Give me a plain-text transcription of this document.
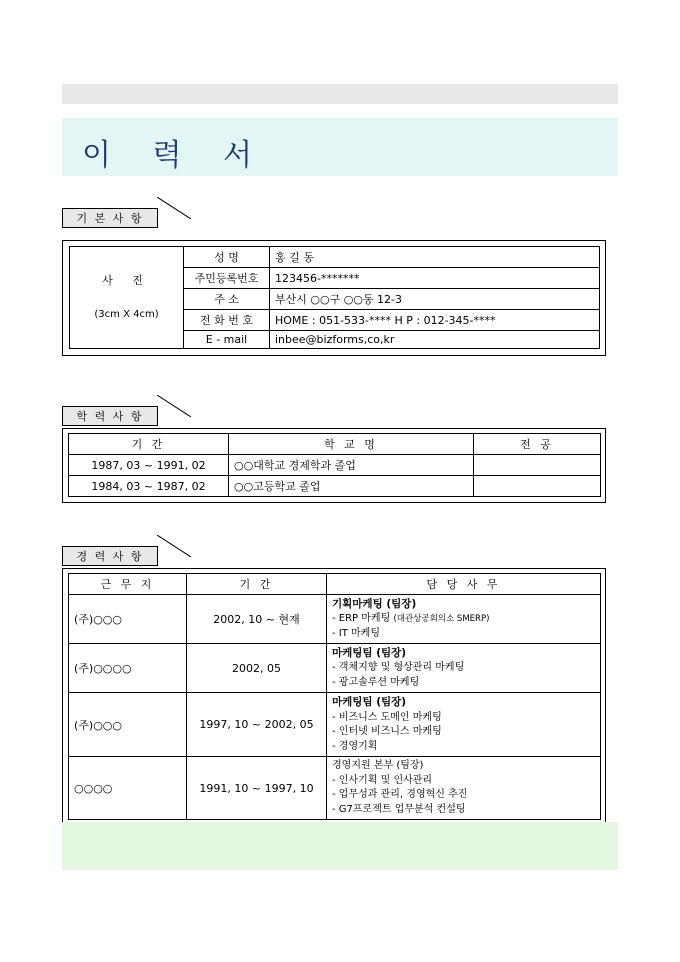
이 력 서
기 본 사 항
사 진
(3cm Ⅹ 4cm)	성 명	홍 길 동
	주민등록번호	123456-*******
	주 소	부산시 ○○구 ○○동 12-3
	전 화 번 호	HOME : 051-533-**** H P : 012-345-****
	E - mail	inbee@bizforms,co,kr
학 력 사 항
기 간	학 교 명	전 공
1987, 03 ~ 1991, 02	○○대학교 경제학과 졸업	
1984, 03 ~ 1987, 02	○○고등학교 졸업	
경 력 사 항
근 무 지	기 간	담 당 사 무
(주)○○○	2002, 10 ~ 현재	기획마케팅 (팀장)
- ERP 마케팅 (대관상공회의소 SMERP)
- IT 마케팅

(주)○○○○	2002, 05	마케팅팀 (팀장)
- 객체지향 및 형상관리 마케팅
- 광고솔루션 마케팅

(주)○○○	1997, 10 ~ 2002, 05	마케팅팀 (팀장)
- 비즈니스 도메인 마케팅
- 인터넷 비즈니스 마케팅
- 경영기획

○○○○	1991, 10 ~ 1997, 10	경영지원 본부 (팀장)
- 인사기획 및 인사관리
- 업무성과 관리, 경영혁신 추진
- G7프로젝트 업무분석 컨설팅
